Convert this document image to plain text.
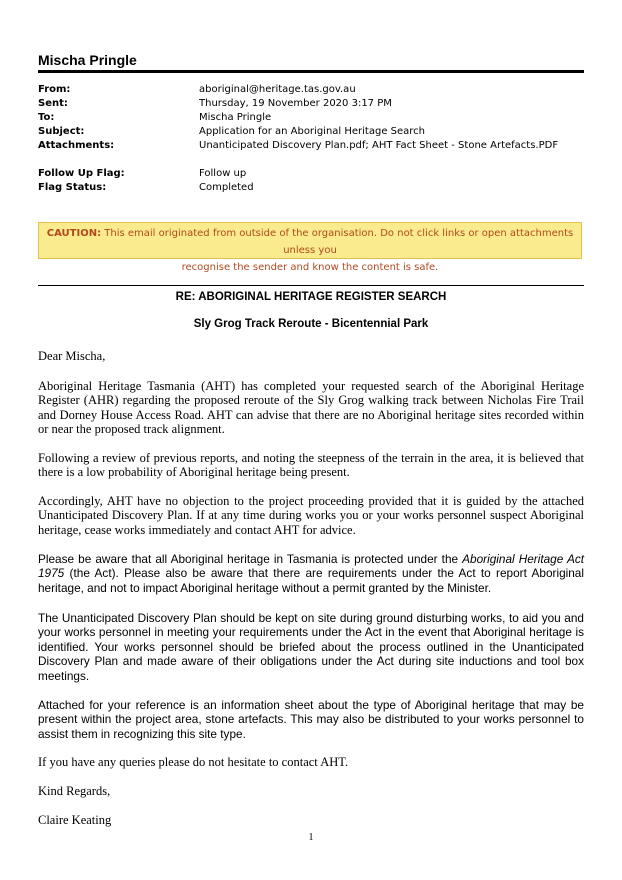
Mischa Pringle
From:	aboriginal@heritage.tas.gov.au
Sent:	Thursday, 19 November 2020 3:17 PM
To:	Mischa Pringle
Subject:	Application for an Aboriginal Heritage Search
Attachments:	Unanticipated Discovery Plan.pdf; AHT Fact Sheet - Stone Artefacts.PDF
Follow Up Flag:	Follow up
Flag Status:	Completed
CAUTION: This email originated from outside of the organisation. Do not click links or open attachments unless you
recognise the sender and know the content is safe.
RE: ABORIGINAL HERITAGE REGISTER SEARCH
Sly Grog Track Reroute - Bicentennial Park
Dear Mischa,
Aboriginal Heritage Tasmania (AHT) has completed your requested search of the Aboriginal Heritage Register (AHR) regarding the proposed reroute of the Sly Grog walking track between Nicholas Fire Trail and Dorney House Access Road. AHT can advise that there are no Aboriginal heritage sites recorded within or near the proposed track alignment.
Following a review of previous reports, and noting the steepness of the terrain in the area, it is believed that there is a low probability of Aboriginal heritage being present.
Accordingly, AHT have no objection to the project proceeding provided that it is guided by the attached Unanticipated Discovery Plan. If at any time during works you or your works personnel suspect Aboriginal heritage, cease works immediately and contact AHT for advice.
Please be aware that all Aboriginal heritage in Tasmania is protected under the Aboriginal Heritage Act 1975 (the Act). Please also be aware that there are requirements under the Act to report Aboriginal heritage, and not to impact Aboriginal heritage without a permit granted by the Minister.
The Unanticipated Discovery Plan should be kept on site during ground disturbing works, to aid you and your works personnel in meeting your requirements under the Act in the event that Aboriginal heritage is identified. Your works personnel should be briefed about the process outlined in the Unanticipated Discovery Plan and made aware of their obligations under the Act during site inductions and tool box meetings.
Attached for your reference is an information sheet about the type of Aboriginal heritage that may be present within the project area, stone artefacts. This may also be distributed to your works personnel to assist them in recognizing this site type.
If you have any queries please do not hesitate to contact AHT.
Kind Regards,
Claire Keating
1
